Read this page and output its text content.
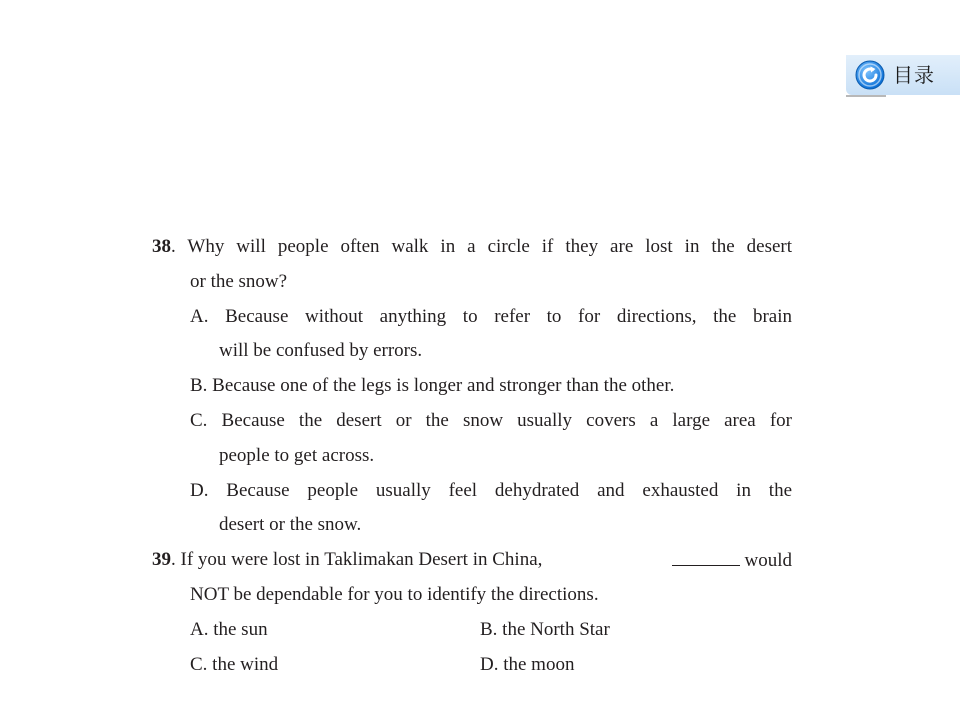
目录
38 . Why will people often walk in a circle if they are lost in the desert
or the snow?
A. Because without anything to refer to for directions, the brain
will be confused by errors.
B. Because one of the legs is longer and stronger than the other.
C. Because the desert or the snow usually covers a large area for
people to get across.
D. Because people usually feel dehydrated and exhausted in the
desert or the snow.
39. If you were lost in Taklimakan Desert in China,	would
NOT be dependable for you to identify the directions.
A. the sun	B. the North Star
C. the wind	D. the moon
